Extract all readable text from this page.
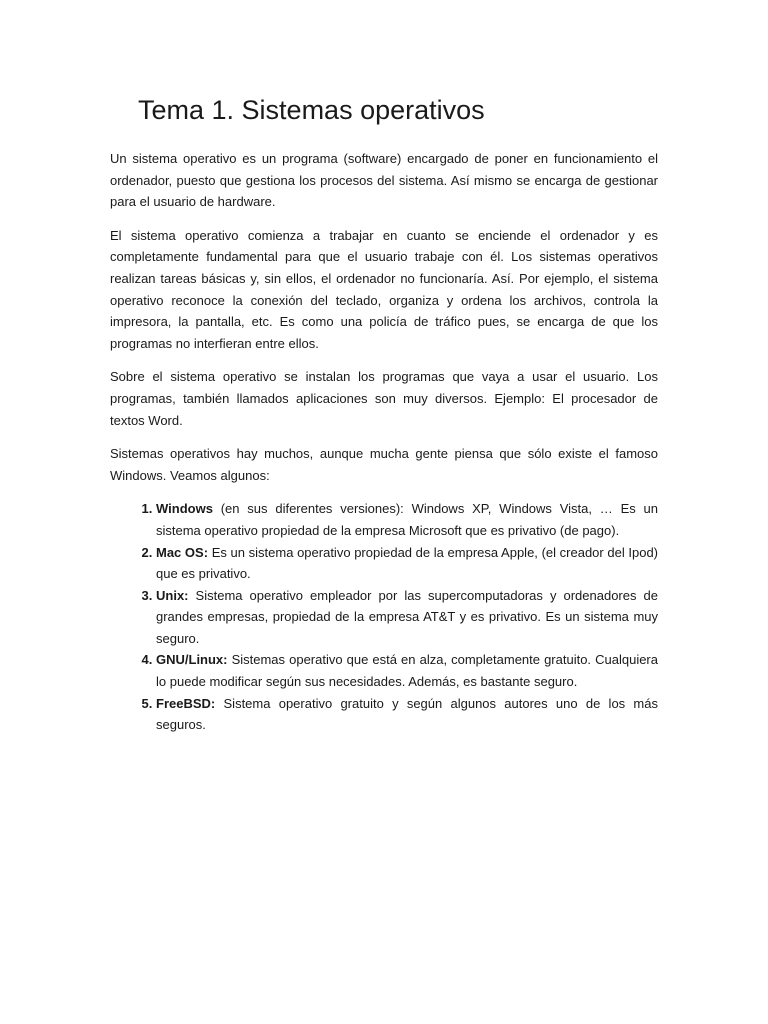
Tema 1. Sistemas operativos

Un sistema operativo es un programa (software) encargado de poner en funcionamiento el ordenador, puesto que gestiona los procesos del sistema. Así mismo se encarga de gestionar para el usuario de hardware.

El sistema operativo comienza a trabajar en cuanto se enciende el ordenador y es completamente fundamental para que el usuario trabaje con él. Los sistemas operativos realizan tareas básicas y, sin ellos, el ordenador no funcionaría. Así. Por ejemplo, el sistema operativo reconoce la conexión del teclado, organiza y ordena los archivos, controla la impresora, la pantalla, etc. Es como una policía de tráfico pues, se encarga de que los programas no interfieran entre ellos.

Sobre el sistema operativo se instalan los programas que vaya a usar el usuario. Los programas, también llamados aplicaciones son muy diversos. Ejemplo: El procesador de textos Word.

Sistemas operativos hay muchos, aunque mucha gente piensa que sólo existe el famoso Windows. Veamos algunos:

1. Windows (en sus diferentes versiones): Windows XP, Windows Vista, … Es un sistema operativo propiedad de la empresa Microsoft que es privativo (de pago).
2. Mac OS: Es un sistema operativo propiedad de la empresa Apple, (el creador del Ipod) que es privativo.
3. Unix: Sistema operativo empleador por las supercomputadoras y ordenadores de grandes empresas, propiedad de la empresa AT&T y es privativo. Es un sistema muy seguro.
4. GNU/Linux: Sistemas operativo que está en alza, completamente gratuito. Cualquiera lo puede modificar según sus necesidades. Además, es bastante seguro.
5. FreeBSD: Sistema operativo gratuito y según algunos autores uno de los más seguros.
